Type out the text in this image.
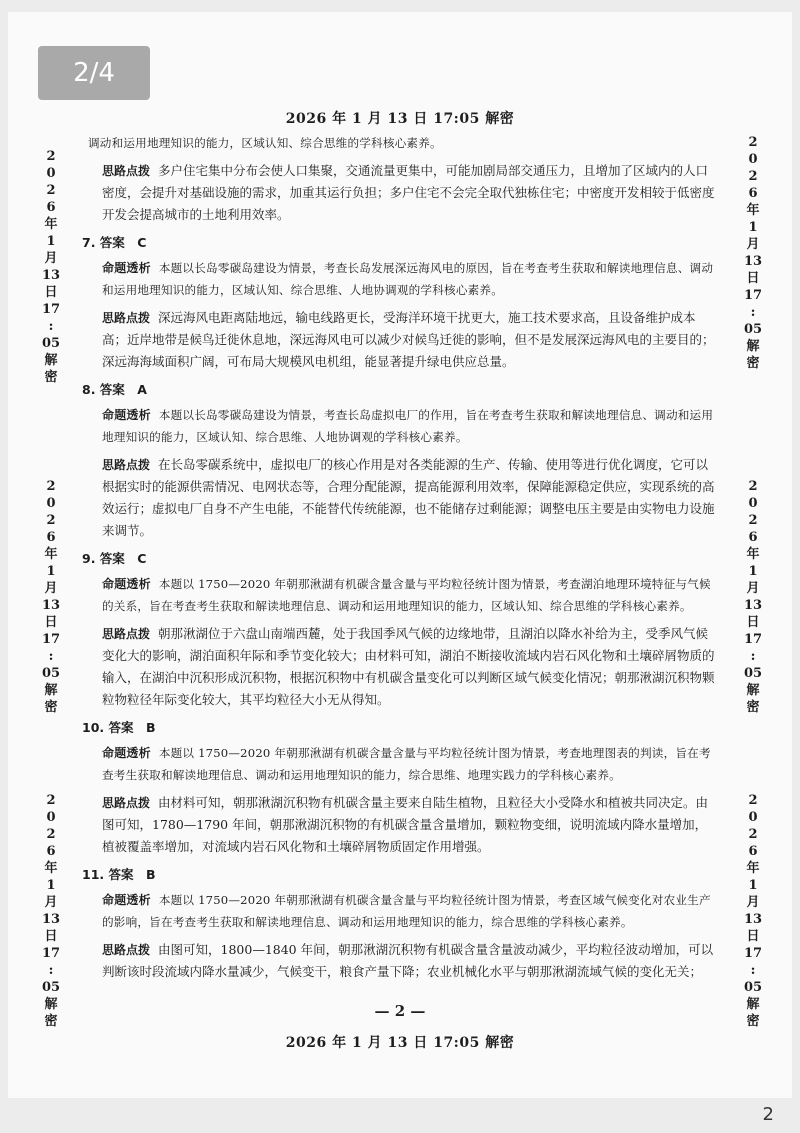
2/4
2026 年 1 月 13 日 17:05 解密
2
0
2
6
年
1
月
13
日
17
:
05
解
密
2
0
2
6
年
1
月
13
日
17
:
05
解
密
2
0
2
6
年
1
月
13
日
17
:
05
解
密
2
0
2
6
年
1
月
13
日
17
:
05
解
密
2
0
2
6
年
1
月
13
日
17
:
05
解
密
2
0
2
6
年
1
月
13
日
17
:
05
解
密

调动和运用地理知识的能力，区域认知、综合思维的学科核心素养。

思路点拨 多户住宅集中分布会使人口集聚，交通流量更集中，可能加剧局部交通压力，且增加了区域内的人口密度，会提升对基础设施的需求，加重其运行负担；多户住宅不会完全取代独栋住宅；中密度开发相较于低密度开发会提高城市的土地利用效率。

7. 答案　C

命题透析 本题以长岛零碳岛建设为情景，考查长岛发展深远海风电的原因，旨在考查考生获取和解读地理信息、调动和运用地理知识的能力，区域认知、综合思维、人地协调观的学科核心素养。

思路点拨 深远海风电距离陆地远，输电线路更长，受海洋环境干扰更大，施工技术要求高，且设备维护成本高；近岸地带是候鸟迁徙休息地，深远海风电可以减少对候鸟迁徙的影响，但不是发展深远海风电的主要目的；深远海海域面积广阔，可布局大规模风电机组，能显著提升绿电供应总量。

8. 答案　A

命题透析 本题以长岛零碳岛建设为情景，考查长岛虚拟电厂的作用，旨在考查考生获取和解读地理信息、调动和运用地理知识的能力，区域认知、综合思维、人地协调观的学科核心素养。

思路点拨 在长岛零碳系统中，虚拟电厂的核心作用是对各类能源的生产、传输、使用等进行优化调度，它可以根据实时的能源供需情况、电网状态等，合理分配能源，提高能源利用效率，保障能源稳定供应，实现系统的高效运行；虚拟电厂自身不产生电能，不能替代传统能源，也不能储存过剩能源；调整电压主要是由实物电力设施来调节。

9. 答案　C

命题透析 本题以 1750—2020 年朝那湫湖有机碳含量含量与平均粒径统计图为情景，考查湖泊地理环境特征与气候的关系，旨在考查考生获取和解读地理信息、调动和运用地理知识的能力，区域认知、综合思维的学科核心素养。

思路点拨 朝那湫湖位于六盘山南端西麓，处于我国季风气候的边缘地带，且湖泊以降水补给为主，受季风气候变化大的影响，湖泊面积年际和季节变化较大；由材料可知，湖泊不断接收流域内岩石风化物和土壤碎屑物质的输入，在湖泊中沉积形成沉积物，根据沉积物中有机碳含量变化可以判断区域气候变化情况；朝那湫湖沉积物颗粒物粒径年际变化较大，其平均粒径大小无从得知。

10. 答案　B

命题透析 本题以 1750—2020 年朝那湫湖有机碳含量含量与平均粒径统计图为情景，考查地理图表的判读，旨在考查考生获取和解读地理信息、调动和运用地理知识的能力，综合思维、地理实践力的学科核心素养。

思路点拨 由材料可知，朝那湫湖沉积物有机碳含量主要来自陆生植物，且粒径大小受降水和植被共同决定。由图可知，1780—1790 年间，朝那湫湖沉积物的有机碳含量含量增加，颗粒物变细，说明流域内降水量增加，植被覆盖率增加，对流域内岩石风化物和土壤碎屑物质固定作用增强。

11. 答案　B

命题透析 本题以 1750—2020 年朝那湫湖有机碳含量含量与平均粒径统计图为情景，考查区域气候变化对农业生产的影响，旨在考查考生获取和解读地理信息、调动和运用地理知识的能力，综合思维的学科核心素养。

思路点拨 由图可知，1800—1840 年间，朝那湫湖沉积物有机碳含量含量波动减少，平均粒径波动增加，可以判断该时段流域内降水量减少，气候变干，粮食产量下降；农业机械化水平与朝那湫湖流域气候的变化无关；

— 2 —
2026 年 1 月 13 日 17:05 解密
2
